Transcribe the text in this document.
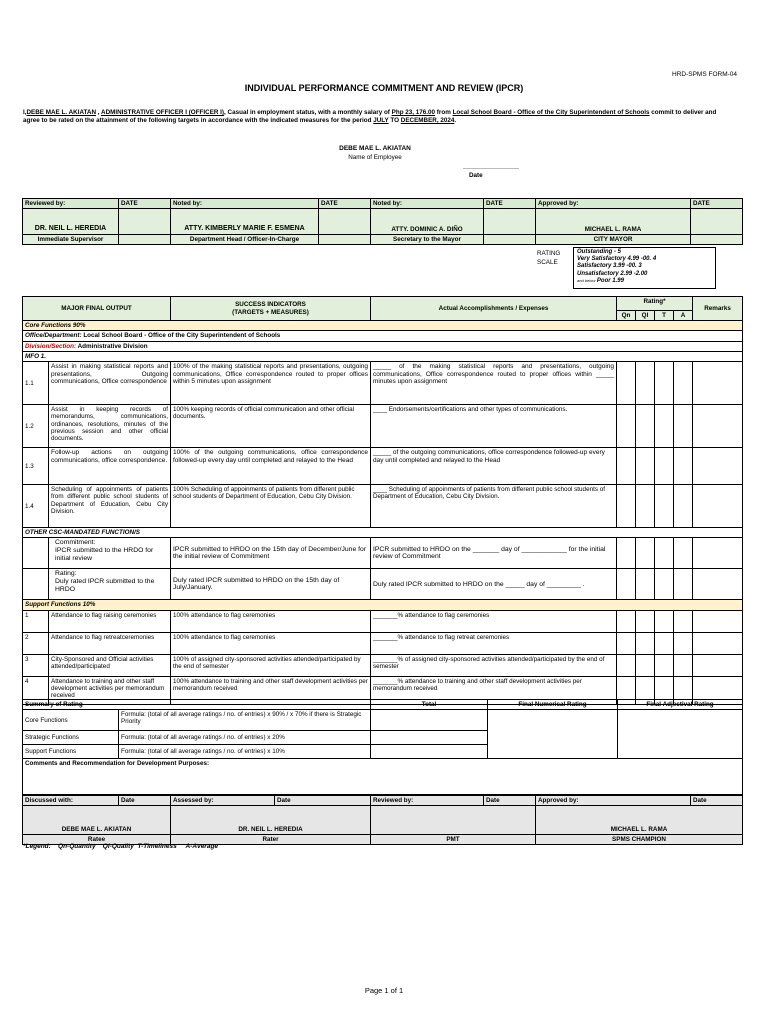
HRD-SPMS FORM-04
INDIVIDUAL PERFORMANCE COMMITMENT AND REVIEW (IPCR)
I,DEBE MAE L. AKIATAN , ADMINISTRATIVE OFFICER I (OFFICER I), Casual in employment status, with a monthly salary of Php 23, 176.00 from Local School Board - Office of the City Superintendent of Schools commit to deliver and agree to be rated on the attainment of the following targets in accordance with the indicated measures for the period JULY TO DECEMBER, 2024.
DEBE MAE L. AKIATAN
Name of Employee
Date
Reviewed by:	DATE	Noted by:	DATE	Noted by:	DATE	Approved by:	DATE
DR. NEIL L. HEREDIA		ATTY. KIMBERLY MARIE F. ESMENA		ATTY. DOMINIC A. DIÑO		MICHAEL L. RAMA	
Immediate Supervisor		Department Head / Officer-In-Charge		Secretary to the Mayor		CITY MAYOR	
RATING
SCALE
Outstanding - 5
Very Satisfactory 4.99 -00. 4
Satisfactory 3.99 -00. 3
Unsatisfactory 2.99 -2.00
and below Poor 1.99
MAJOR FINAL OUTPUT		SUCCESS INDICATORS
(TARGETS + MEASURES)	Actual Accomplishments / Expenses	Rating*				Remarks
				Qn	Ql	T	A	
Core Functions 90%								
Office/Department: Local School Board - Office of the City Superintendent of Schools								
Division/Section: Administrative Division								
MFO 1.								
1.1	Assist in making statistical reports and presentations, Outgoing communications, Office correspondence	100% of the making statistical reports and presentations, outgoing communications, Office correspondence routed to proper offices within 5 minutes upon assignment	_____ of the making statistical reports and presentations, outgoing communications, Office correspondence routed to proper offices within _____ minutes upon assignment					
1.2	Assist in keeping records of memorandums, communications, ordinances, resolutions, minutes of the previous session and other official documents.	100% keeping records of official communication and other official documents.	____ Endorsements/certifications and other types of communications.					
1.3	Follow-up actions on outgoing communications, office correspondence.	100% of the outgoing communications, office correspondence followed-up every day until completed and relayed to the Head	_____ of the outgoing communications, office correspondence followed-up every day until completed and relayed to the Head					
1.4	Scheduling of appoinments of patients from different public school students of Department of Education, Cebu City Division.	100% Scheduling of appoinments of patients from different public school students of Department of Education, Cebu City Division.	____ Scheduling of appoinments of patients from different public school students of Department of Education, Cebu City Division.					
OTHER CSC-MANDATED FUNCTION/S								

	Commitment:
IPCR submitted to the HRDO for initial review	IPCR submitted to HRDO on the 15th day of December/June for the initial review of Commitment	IPCR submitted to HRDO on the _______ day of ____________ for the initial review of Commitment					

	Rating:
Duly rated IPCR submitted to the HRDO	Duly rated IPCR submitted to HRDO on the 15th day of July/January.	Duly rated IPCR submitted to HRDO on the _____ day of _________ .					
Support Functions 10%								
1	Attendance to flag raising ceremonies	100% attendance to flag ceremonies	_______% attendance to flag ceremonies					
2	Attendance to flag retreatceremonies	100% attendance to flag ceremonies	_______% attendance to flag retreat ceremonies					
3	City-Sponsored and Official activities attended/participated	100% of assigned city-sponsored activities attended/participated by the end of semester	_______% of assigned city-sponsored activities attended/participated by the end of semester					
4	Attendance to training and other staff development activities per memorandum received	100% attendance to training and other staff development activities per memorandum received	_______% attendance to training and other staff development activities per memorandum received					
Summary of Rating		Total	Final Numerical Rating	Final Adjectival Rating
Core Functions	Formula: (total of all average ratings / no. of entries) x 90% / x 70% if there is Strategic Priority			
Strategic Functions	Formula: (total of all average ratings / no. of entries) x 20%			
Support Functions	Formula: (total of all average ratings / no. of entries) x 10%			
Comments and Recommendation for Development Purposes:				
Discussed with:	Date	Assessed by:	Date	Reviewed by:	Date	Approved by:	Date
DEBE MAE L. AKIATAN		DR. NEIL L. HEREDIA				MICHAEL L. RAMA	
Ratee		Rater		PMT		SPMS CHAMPION	
*Legend:    Qn-Quantity    Ql-Quality  T-Timeliness     A-Average
Page 1 of 1
